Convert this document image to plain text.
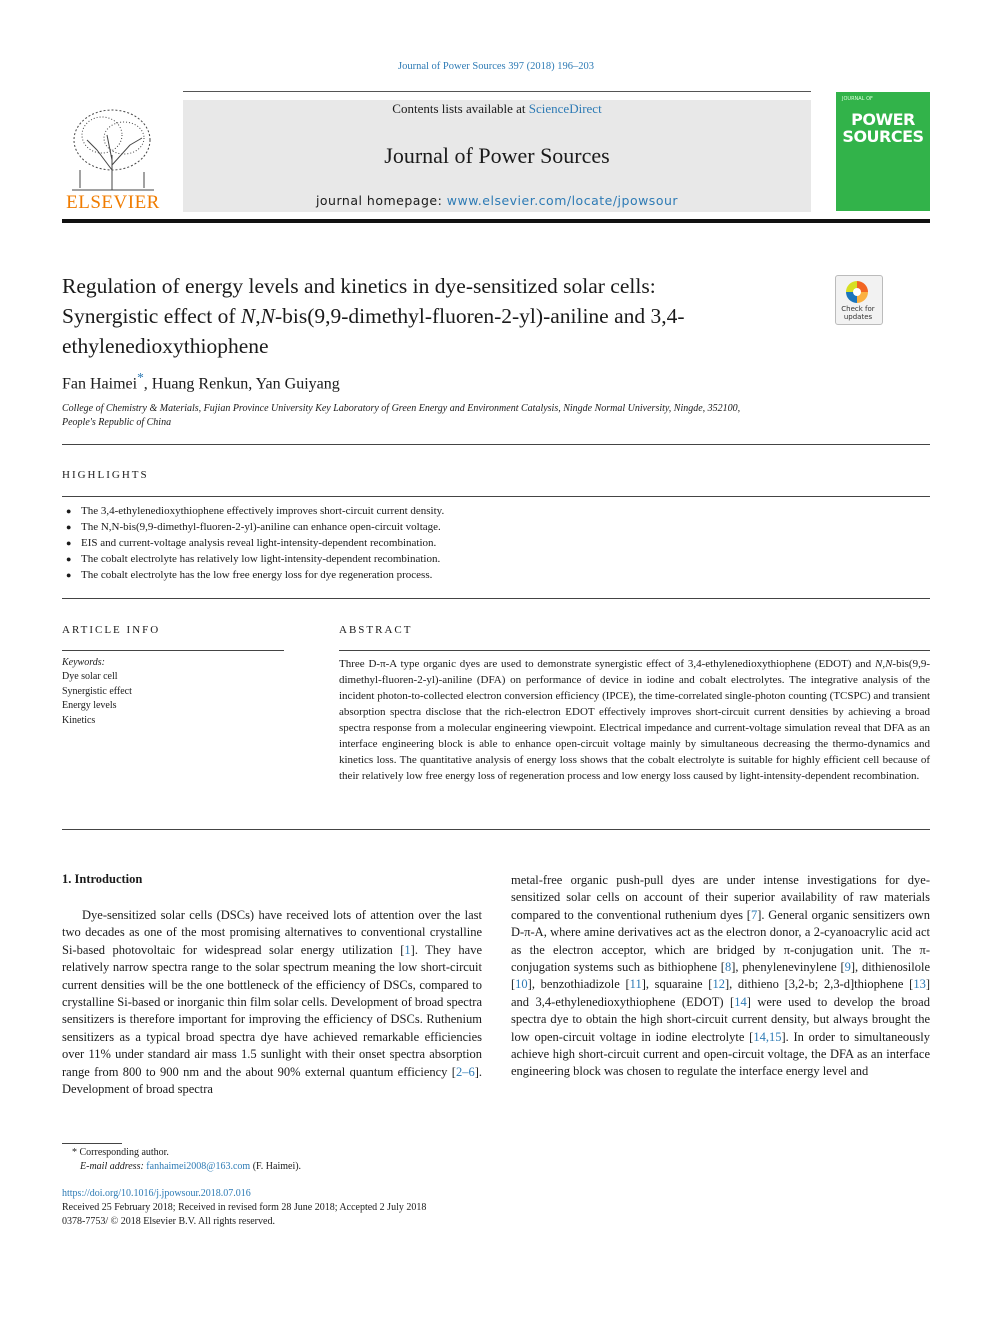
Journal of Power Sources 397 (2018) 196–203
ELSEVIER
Contents lists available at ScienceDirect
Journal of Power Sources
journal homepage: www.elsevier.com/locate/jpowsour
JOURNAL OF
POWER
SOURCES
Regulation of energy levels and kinetics in dye-sensitized solar cells:
Synergistic effect of N,N-bis(9,9-dimethyl-fluoren-2-yl)-aniline and 3,4-
ethylenedioxythiophene
Check for
updates
Fan Haimei*, Huang Renkun, Yan Guiyang
College of Chemistry & Materials, Fujian Province University Key Laboratory of Green Energy and Environment Catalysis, Ningde Normal University, Ningde, 352100,
People's Republic of China
HIGHLIGHTS
● The 3,4-ethylenedioxythiophene effectively improves short-circuit current density.
● The N,N-bis(9,9-dimethyl-fluoren-2-yl)-aniline can enhance open-circuit voltage.
● EIS and current-voltage analysis reveal light-intensity-dependent recombination.
● The cobalt electrolyte has relatively low light-intensity-dependent recombination.
● The cobalt electrolyte has the low free energy loss for dye regeneration process.
ARTICLE INFO	ABSTRACT
Keywords:
Dye solar cell
Synergistic effect
Energy levels
Kinetics
Three D-π-A type organic dyes are used to demonstrate synergistic effect of 3,4-ethylenedioxythiophene (EDOT) and N,N-bis(9,9-dimethyl-fluoren-2-yl)-aniline (DFA) on performance of device in iodine and cobalt electrolytes. The integrative analysis of the incident photon-to-collected electron conversion efficiency (IPCE), the time-correlated single-photon counting (TCSPC) and transient absorption spectra disclose that the rich-electron EDOT effectively improves short-circuit current densities by achieving a broad spectra response from a molecular engineering viewpoint. Electrical impedance and current-voltage simulation reveal that DFA as an interface engineering block is able to enhance open-circuit voltage mainly by simultaneous decreasing the thermo-dynamics and kinetics loss. The quantitative analysis of energy loss shows that the cobalt electrolyte is suitable for highly efficient cell because of their relatively low free energy loss of regeneration process and low energy loss caused by light-intensity-dependent recombination.
1. Introduction
Dye-sensitized solar cells (DSCs) have received lots of attention over the last two decades as one of the most promising alternatives to conventional crystalline Si-based photovoltaic for widespread solar energy utilization [1]. They have relatively narrow spectra range to the solar spectrum meaning the low short-circuit current densities will be the one bottleneck of the efficiency of DSCs, compared to crystalline Si-based or inorganic thin film solar cells. Development of broad spectra sensitizers is therefore important for improving the efficiency of DSCs. Ruthenium sensitizers as a typical broad spectra dye have achieved remarkable efficiencies over 11% under standard air mass 1.5 sunlight with their onset spectra absorption range from 800 to 900 nm and the about 90% external quantum efficiency [2–6]. Development of broad spectra
metal-free organic push-pull dyes are under intense investigations for dye-sensitized solar cells on account of their superior availability of raw materials compared to the conventional ruthenium dyes [7]. General organic sensitizers own D-π-A, where amine derivatives act as the electron donor, a 2-cyanoacrylic acid act as the electron acceptor, which are bridged by π-conjugation unit. The π-conjugation systems such as bithiophene [8], phenylenevinylene [9], dithienosilole [10], benzothiadizole [11], squaraine [12], dithieno [3,2-b; 2,3-d]thiophene [13] and 3,4-ethylenedioxythiophene (EDOT) [14] were used to develop the broad spectra dye to obtain the high short-circuit current density, but always brought the low open-circuit voltage in iodine electrolyte [14,15]. In order to simultaneously achieve high short-circuit current and open-circuit voltage, the DFA as an interface engineering block was chosen to regulate the interface energy level and
* Corresponding author.
E-mail address: fanhaimei2008@163.com (F. Haimei).
https://doi.org/10.1016/j.jpowsour.2018.07.016
Received 25 February 2018; Received in revised form 28 June 2018; Accepted 2 July 2018
0378-7753/ © 2018 Elsevier B.V. All rights reserved.
